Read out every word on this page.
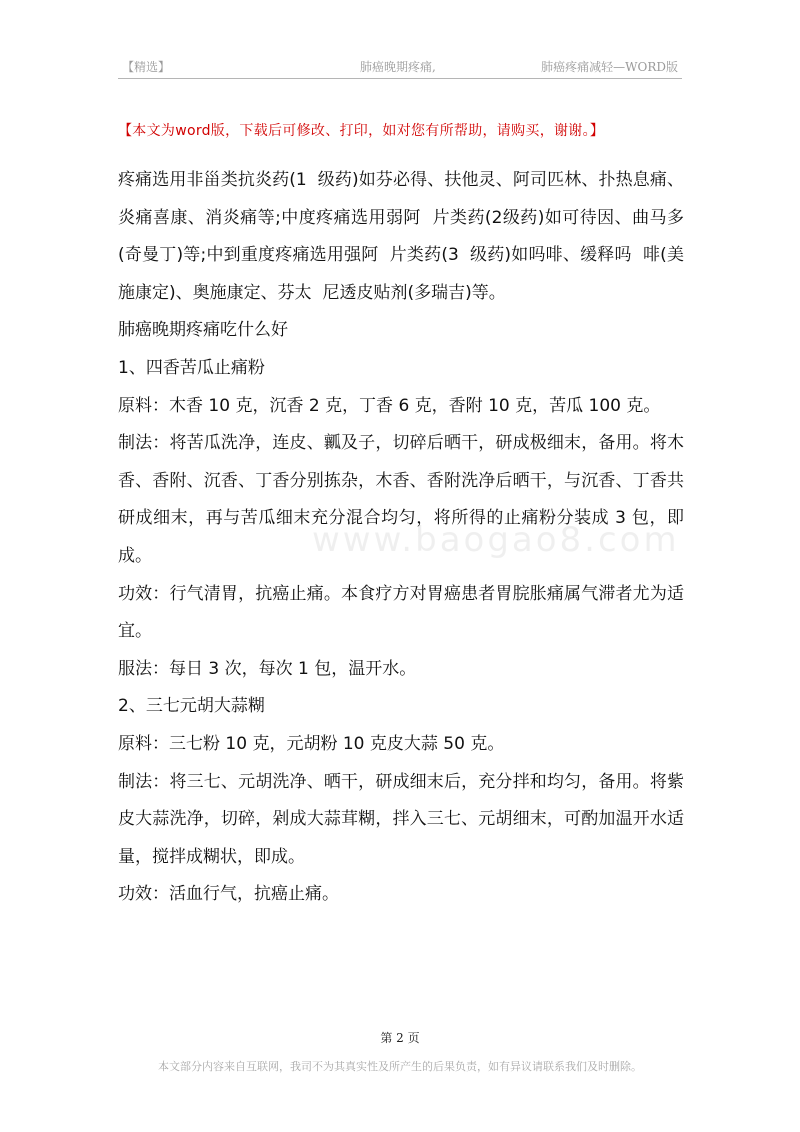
【精选】	肺癌晚期疼痛,	肺癌疼痛减轻—WORD版
【本文为word版，下载后可修改、打印，如对您有所帮助，请购买，谢谢。】
www.baogao8.com

疼痛选用非甾类抗炎药(1  级药)如芬必得、扶他灵、阿司匹林、扑热息痛、炎痛喜康、消炎痛等;中度疼痛选用弱阿  片类药(2级药)如可待因、曲马多(奇曼丁)等;中到重度疼痛选用强阿  片类药(3  级药)如吗啡、缓释吗  啡(美施康定)、奥施康定、芬太  尼透皮贴剂(多瑞吉)等。

肺癌晚期疼痛吃什么好

1、四香苦瓜止痛粉

原料：木香 10 克，沉香 2 克，丁香 6 克，香附 10 克，苦瓜 100 克。

制法：将苦瓜洗净，连皮、瓤及子，切碎后晒干，研成极细末，备用。将木香、香附、沉香、丁香分别拣杂，木香、香附洗净后晒干，与沉香、丁香共研成细末，再与苦瓜细末充分混合均匀，将所得的止痛粉分装成 3 包，即成。

功效：行气清胃，抗癌止痛。本食疗方对胃癌患者胃脘胀痛属气滞者尤为适宜。

服法：每日 3 次，每次 1 包，温开水。

2、三七元胡大蒜糊

原料：三七粉 10 克，元胡粉 10 克皮大蒜 50 克。

制法：将三七、元胡洗净、晒干，研成细末后，充分拌和均匀，备用。将紫皮大蒜洗净，切碎，剁成大蒜茸糊，拌入三七、元胡细末，可酌加温开水适量，搅拌成糊状，即成。

功效：活血行气，抗癌止痛。

第 2 页
本文部分内容来自互联网，我司不为其真实性及所产生的后果负责，如有异议请联系我们及时删除。
